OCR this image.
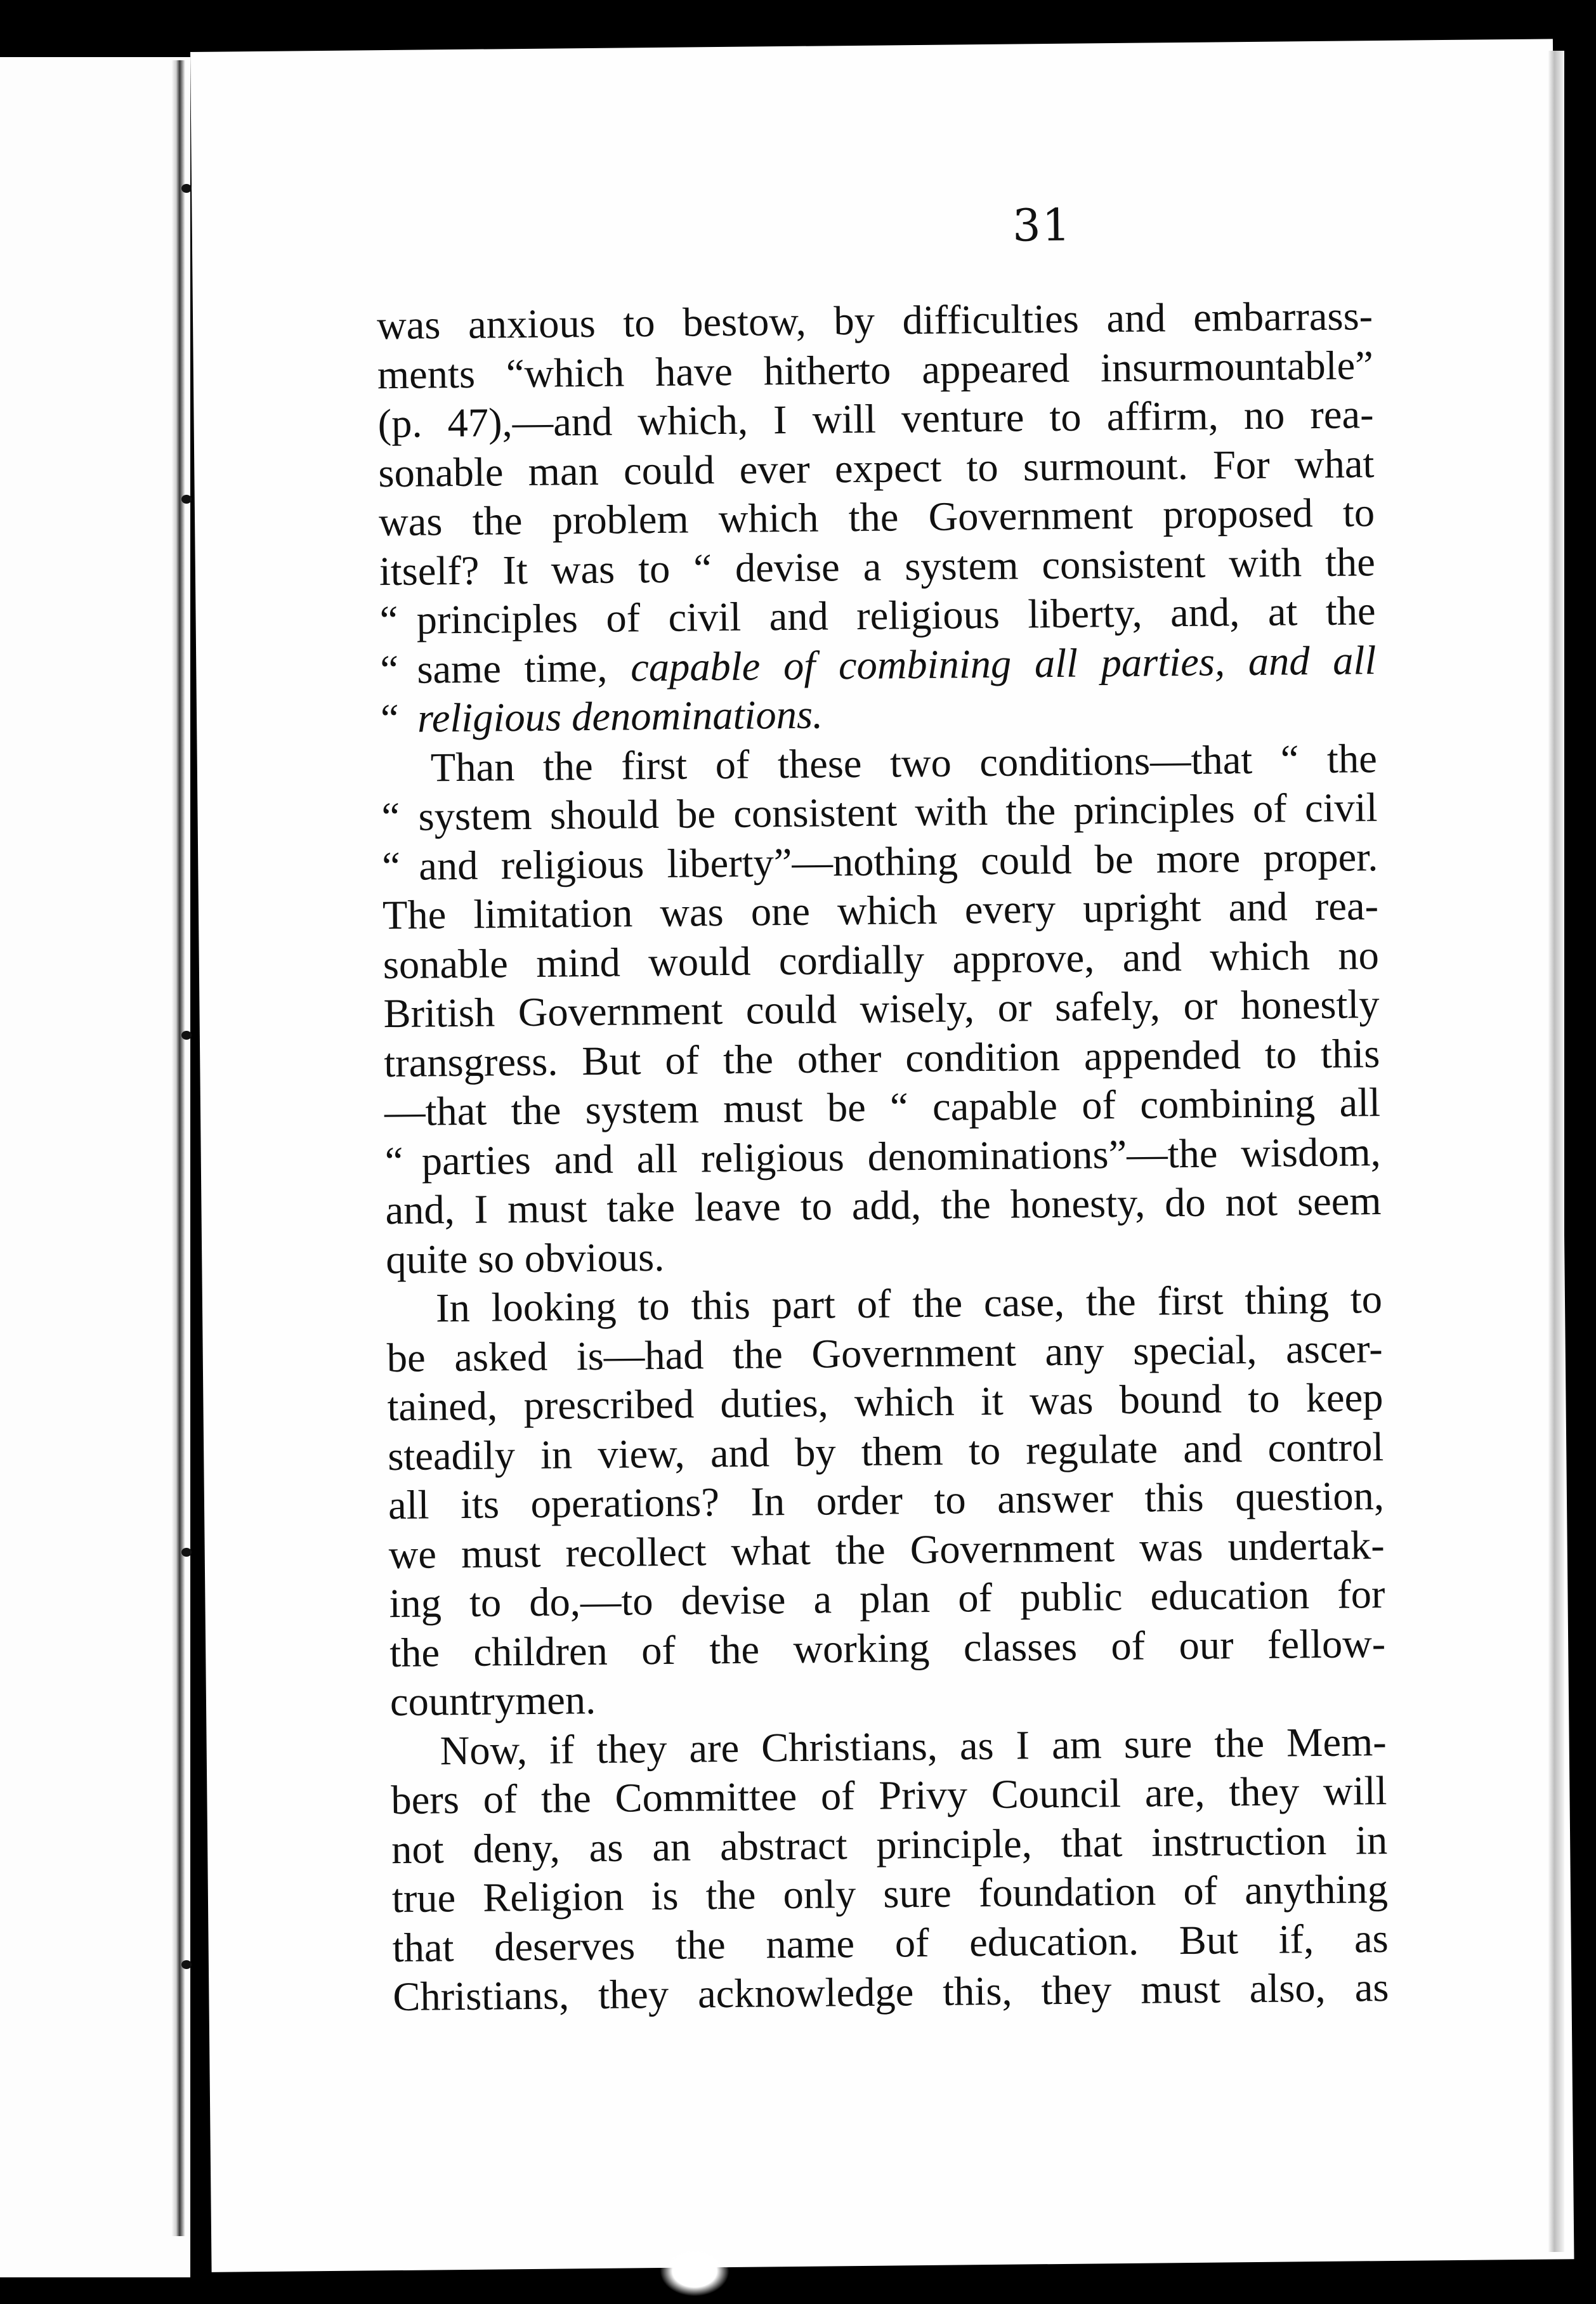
31
was anxious to bestow, by difficulties and embarrass-
ments “which have hitherto appeared insurmountable”
(p. 47),—and which, I will venture to affirm, no rea-
sonable man could ever expect to surmount. For what
was the problem which the Government proposed to
itself? It was to “ devise a system consistent with the
“ principles of civil and religious liberty, and, at the
“ same time, capable of combining all parties, and all
“ religious denominations.
Than the first of these two conditions—that “ the
“ system should be consistent with the principles of civil
“ and religious liberty”—nothing could be more proper.
The limitation was one which every upright and rea-
sonable mind would cordially approve, and which no
British Government could wisely, or safely, or honestly
transgress. But of the other condition appended to this
—that the system must be “ capable of combining all
“ parties and all religious denominations”—the wisdom,
and, I must take leave to add, the honesty, do not seem
quite so obvious.
In looking to this part of the case, the first thing to
be asked is—had the Government any special, ascer-
tained, prescribed duties, which it was bound to keep
steadily in view, and by them to regulate and control
all its operations? In order to answer this question,
we must recollect what the Government was undertak-
ing to do,—to devise a plan of public education for
the children of the working classes of our fellow-
countrymen.
Now, if they are Christians, as I am sure the Mem-
bers of the Committee of Privy Council are, they will
not deny, as an abstract principle, that instruction in
true Religion is the only sure foundation of anything
that deserves the name of education. But if, as
Christians, they acknowledge this, they must also, as
